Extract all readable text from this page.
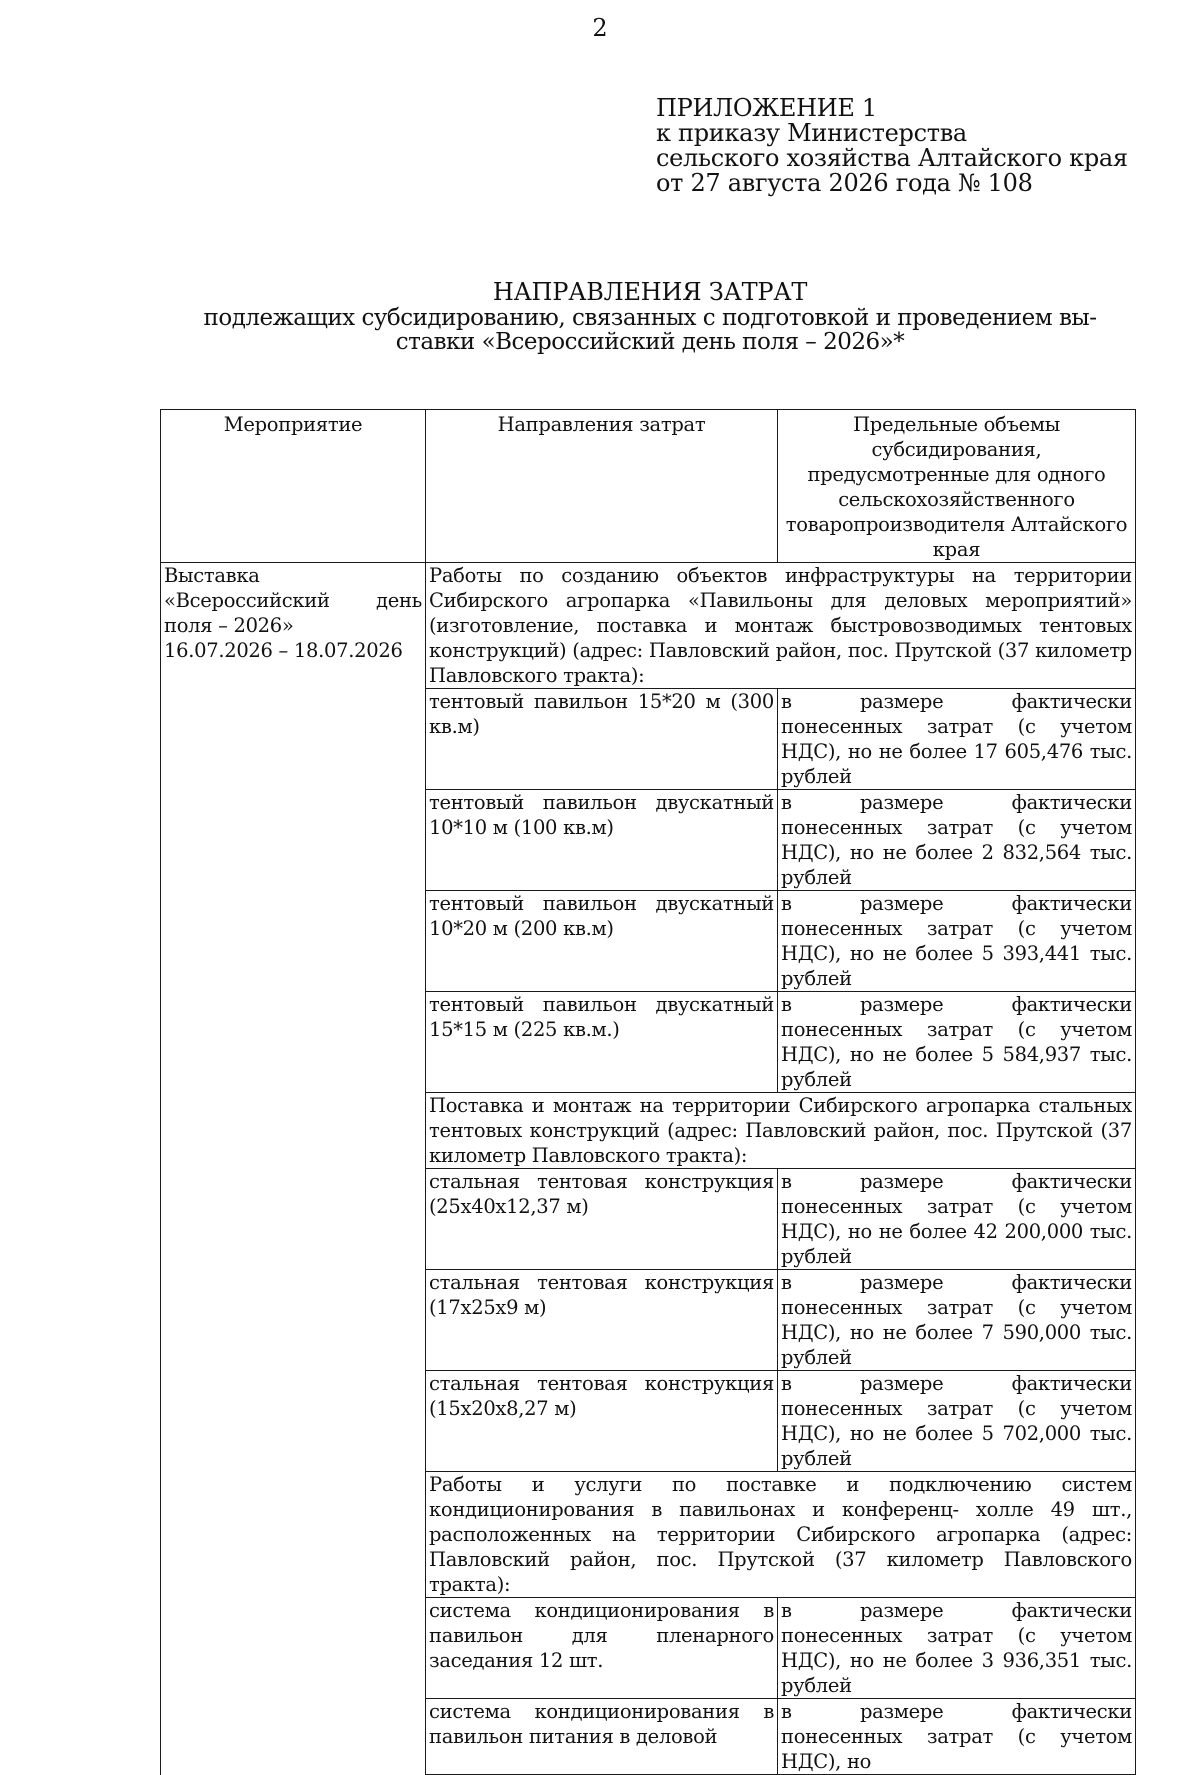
2
ПРИЛОЖЕНИЕ 1
к приказу Министерства
сельского хозяйства Алтайского края
от 27 августа 2026 года № 108
НАПРАВЛЕНИЯ ЗАТРАТ
подлежащих субсидированию, связанных с подготовкой и проведением вы-
ставки «Всероссийский день поля – 2026»*
Мероприятие	Направления затрат	Предельные объемы субсидирования, предусмотренные для одного сельскохозяйственного товаропроизводителя Алтайского края

Выставка «Всероссийский день поля – 2026»
16.07.2026 – 18.07.2026	Работы по созданию объектов инфраструктуры на территории Сибирского агропарка «Павильоны для деловых мероприятий» (изготовление, поставка и монтаж быстровозводимых тентовых конструкций) (адрес: Павловский район, пос. Прутской (37 километр Павловского тракта):	
	тентовый павильон 15*20 м (300 кв.м)	в размере фактически понесенных затрат (с учетом НДС), но не более 17 605,476 тыс. рублей
	тентовый павильон двускатный 10*10 м (100 кв.м)	в размере фактически понесенных затрат (с учетом НДС), но не более 2 832,564 тыс. рублей
	тентовый павильон двускатный 10*20 м (200 кв.м)	в размере фактически понесенных затрат (с учетом НДС), но не более 5 393,441 тыс. рублей
	тентовый павильон двускатный 15*15 м (225 кв.м.)	в размере фактически понесенных затрат (с учетом НДС), но не более 5 584,937 тыс. рублей
	Поставка и монтаж на территории Сибирского агропарка стальных тентовых конструкций (адрес: Павловский район, пос. Прутской (37 километр Павловского тракта):	
	стальная тентовая конструкция (25х40х12,37 м)	в размере фактически понесенных затрат (с учетом НДС), но не более 42 200,000 тыс. рублей
	стальная тентовая конструкция (17х25х9 м)	в размере фактически понесенных затрат (с учетом НДС), но не более 7 590,000 тыс. рублей
	стальная тентовая конструкция (15х20х8,27 м)	в размере фактически понесенных затрат (с учетом НДС), но не более 5 702,000 тыс. рублей
	Работы и услуги по поставке и подключению систем кондиционирования в павильонах и конференц- холле 49 шт., расположенных на территории Сибирского агропарка (адрес: Павловский район, пос. Прутской (37 километр Павловского тракта):	
	система кондиционирования в павильон для пленарного заседания 12 шт.	в размере фактически понесенных затрат (с учетом НДС), но не более 3 936,351 тыс. рублей
	система кондиционирования в павильон питания в деловой	в размере фактически понесенных затрат (с учетом НДС), но
